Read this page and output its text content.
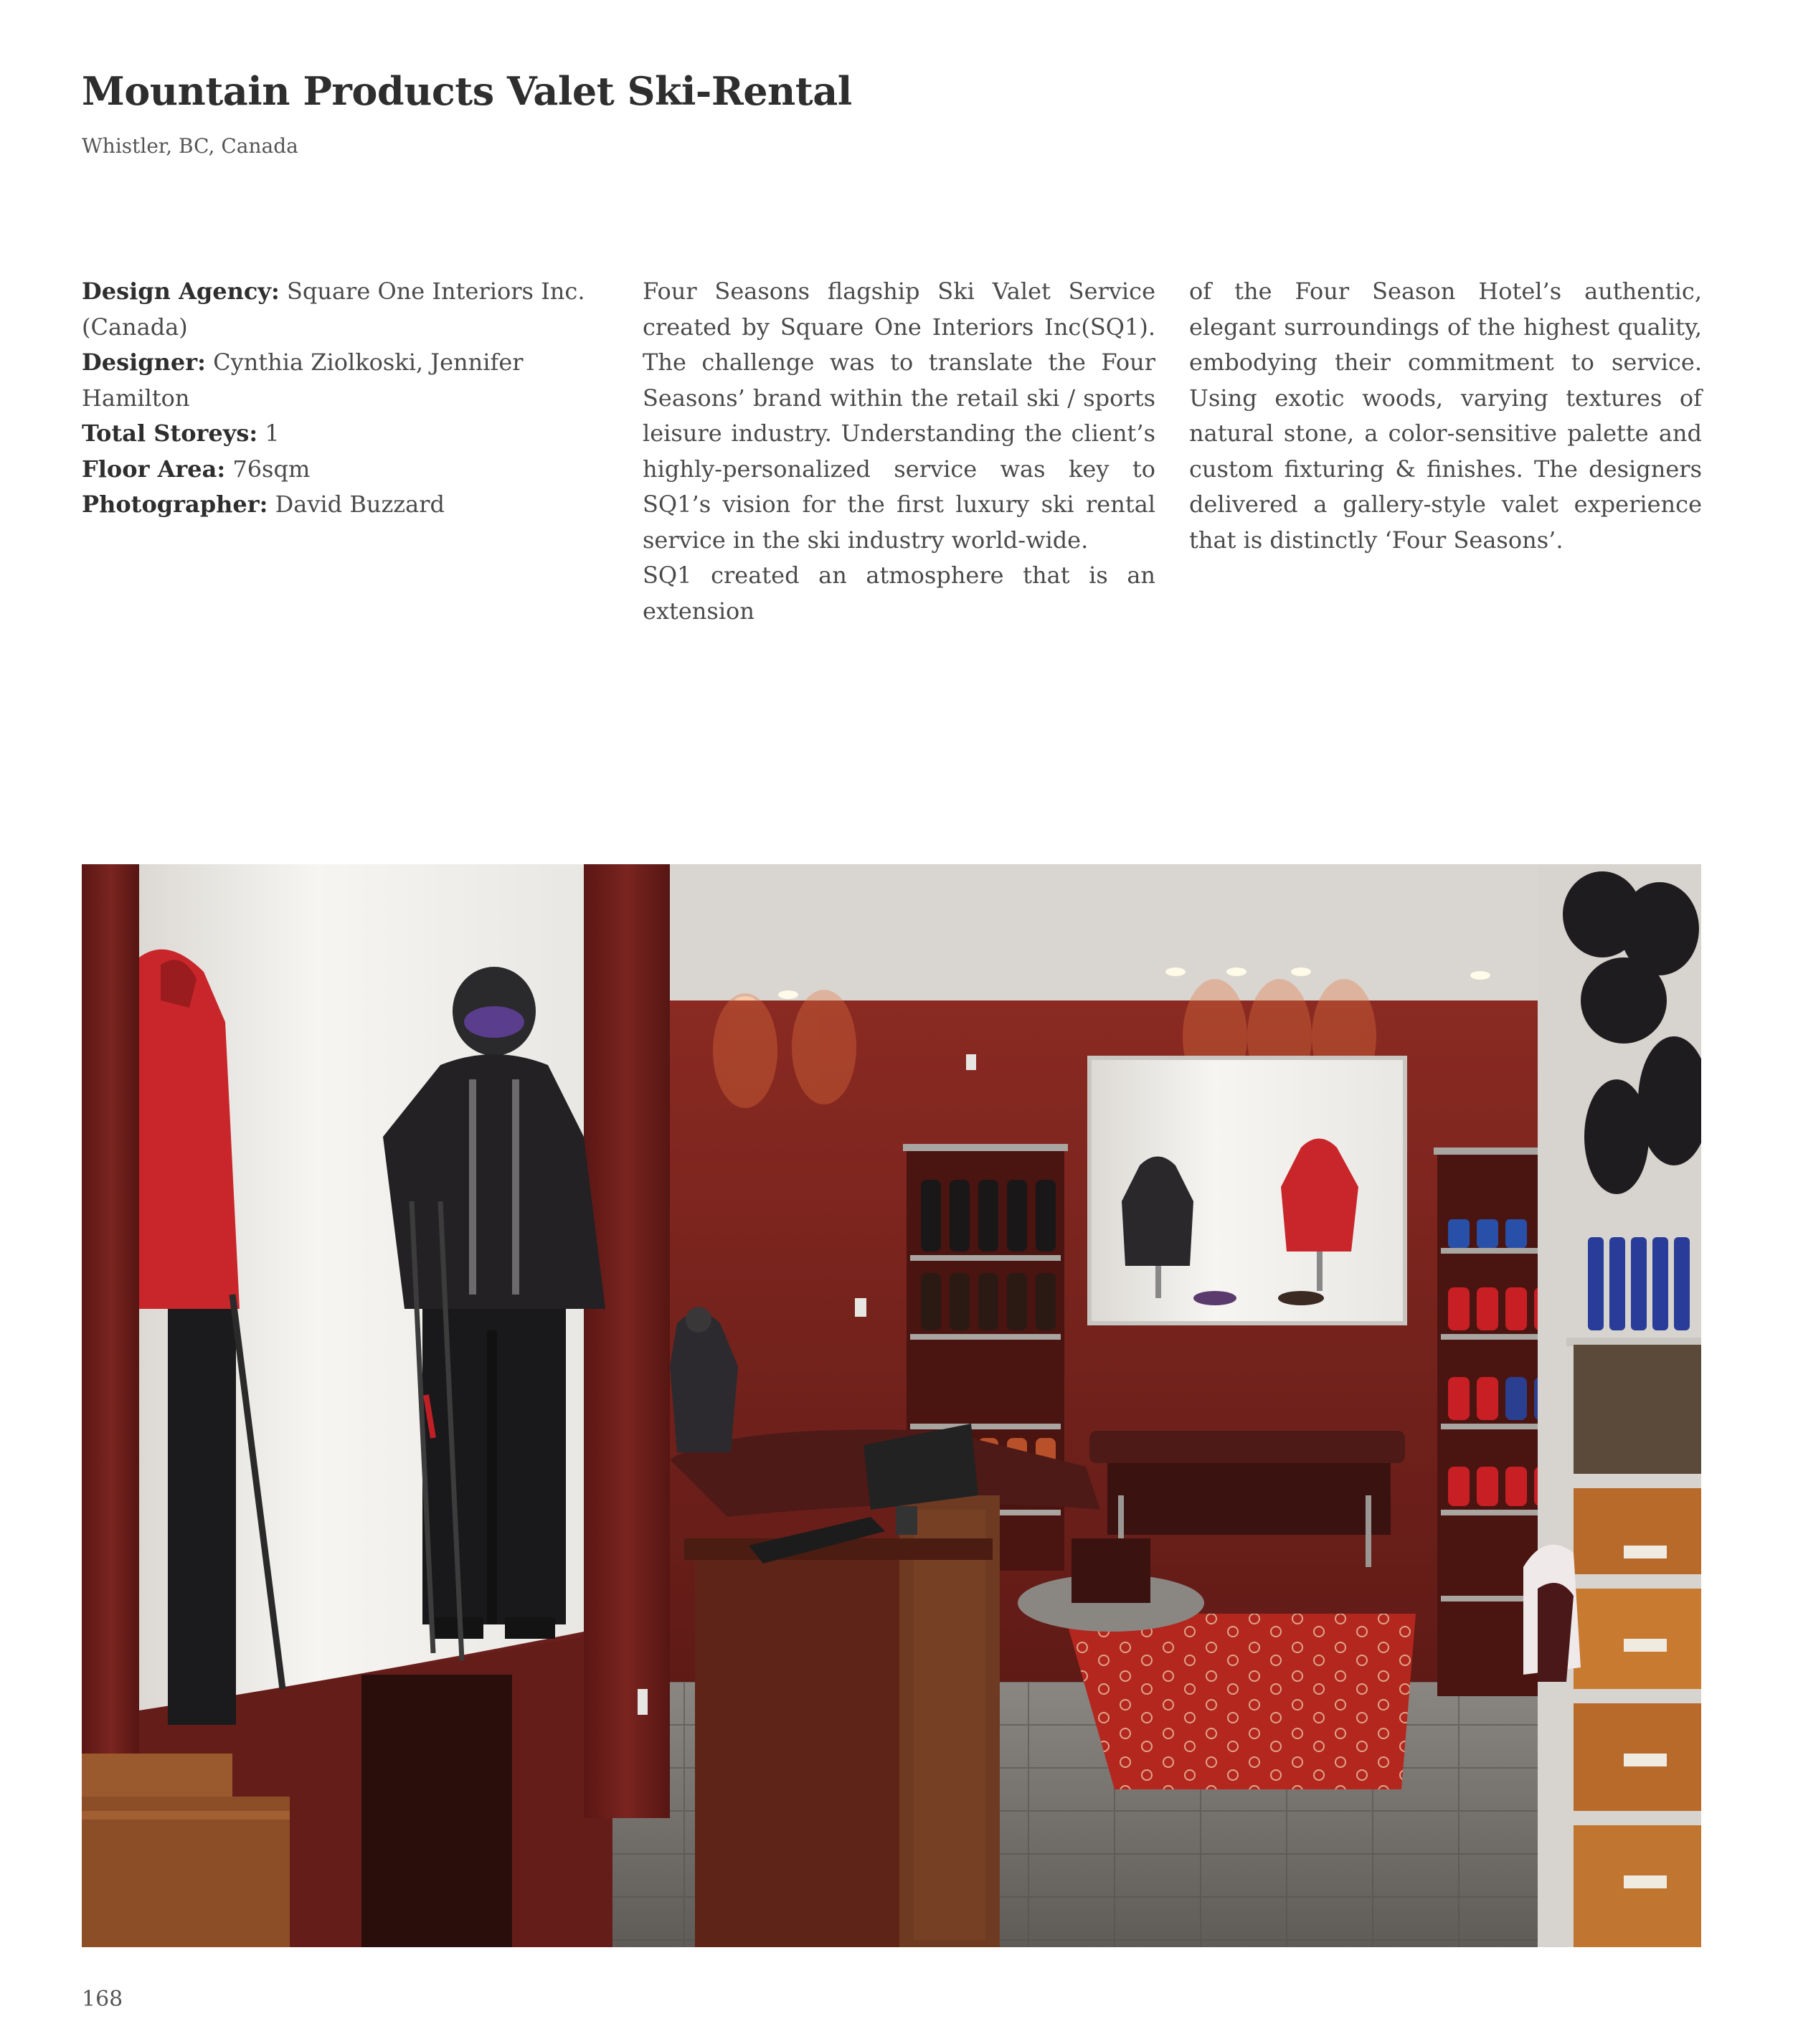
Mountain Products Valet Ski-Rental
Whistler, BC, Canada
Design Agency: Square One Interiors Inc. (Canada)
Designer: Cynthia Ziolkoski, Jennifer Hamilton
Total Storeys: 1
Floor Area: 76sqm
Photographer: David Buzzard

Four Seasons flagship Ski Valet Service created by Square One Interiors Inc(SQ1). The challenge was to translate the Four Seasons’ brand within the retail ski / sports leisure industry. Understanding the client’s highly-personalized service was key to SQ1’s vision for the first luxury ski rental service in the ski industry world-wide.

SQ1 created an atmosphere that is an extension

of the Four Season Hotel’s authentic, elegant surroundings of the highest quality, embodying their commitment to service. Using exotic woods, varying textures of natural stone, a color-sensitive palette and custom fixturing & finishes. The designers delivered a gallery-style valet experience that is distinctly ‘Four Seasons’.

168
